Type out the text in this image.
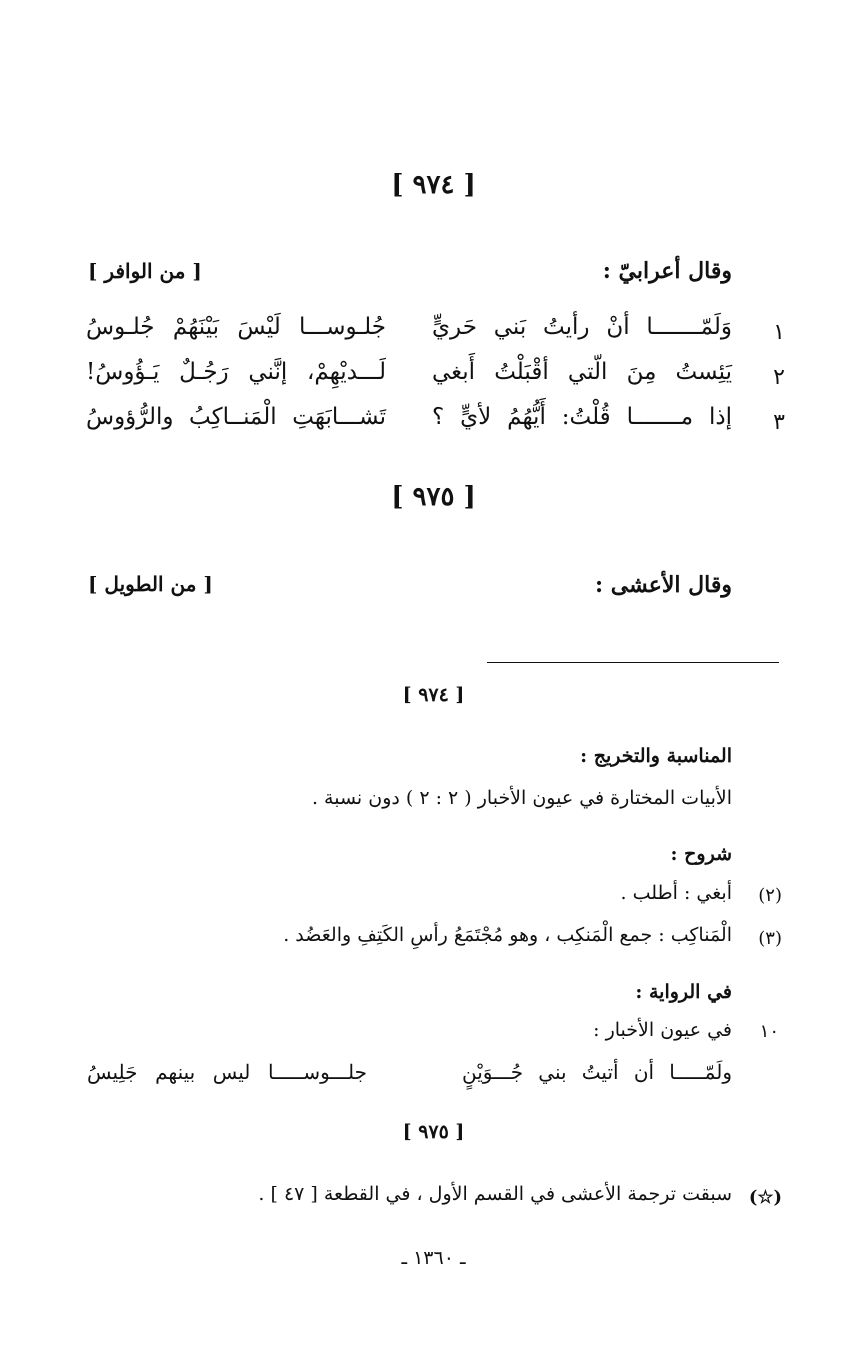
[ ٩٧٤ ]
وقال أعرابيّ :
[ من الوافر ]
١
وَلَمّـــــــا أنْ رأيتُ بَني حَريٍّ
جُلـوســـا لَيْسَ بَيْنَهُمْ جُلـوسُ
٢
يَئِستُ مِنَ الّتي أقْبَلْتُ أَبغي
لَـــديْهِمْ، إنَّني رَجُـلٌ يَـؤُوسُ!
٣
إذا مـــــــا قُلْتُ: أَيُّهُمُ لأيٍّ ؟
تَشـــابَهَتِ الْمَنــاكِبُ والرُّؤوسُ
[ ٩٧٥ ]
وقال الأعشى :
[ من الطويل ]
[ ٩٧٤ ]
المناسبة والتخريج :
الأبيات المختارة في عيون الأخبار ( ٢ : ٢ ) دون نسبة .
شروح :
(٢)
أبغي : أطلب .
(٣)
الْمَناكِب : جمع الْمَنكِب ، وهو مُجْتَمَعُ رأسِ الكَتِفِ والعَضُد .
في الرواية :
١٠
في عيون الأخبار :
ولَمّـــــا أن أتيتُ بني جُـــوَيْنٍ
جلـــوســـــا ليس بينهم جَلِيسُ
[ ٩٧٥ ]
(☆)
سبقت ترجمة الأعشى في القسم الأول ، في القطعة [ ٤٧ ] .
ـ ١٣٦٠ ـ
